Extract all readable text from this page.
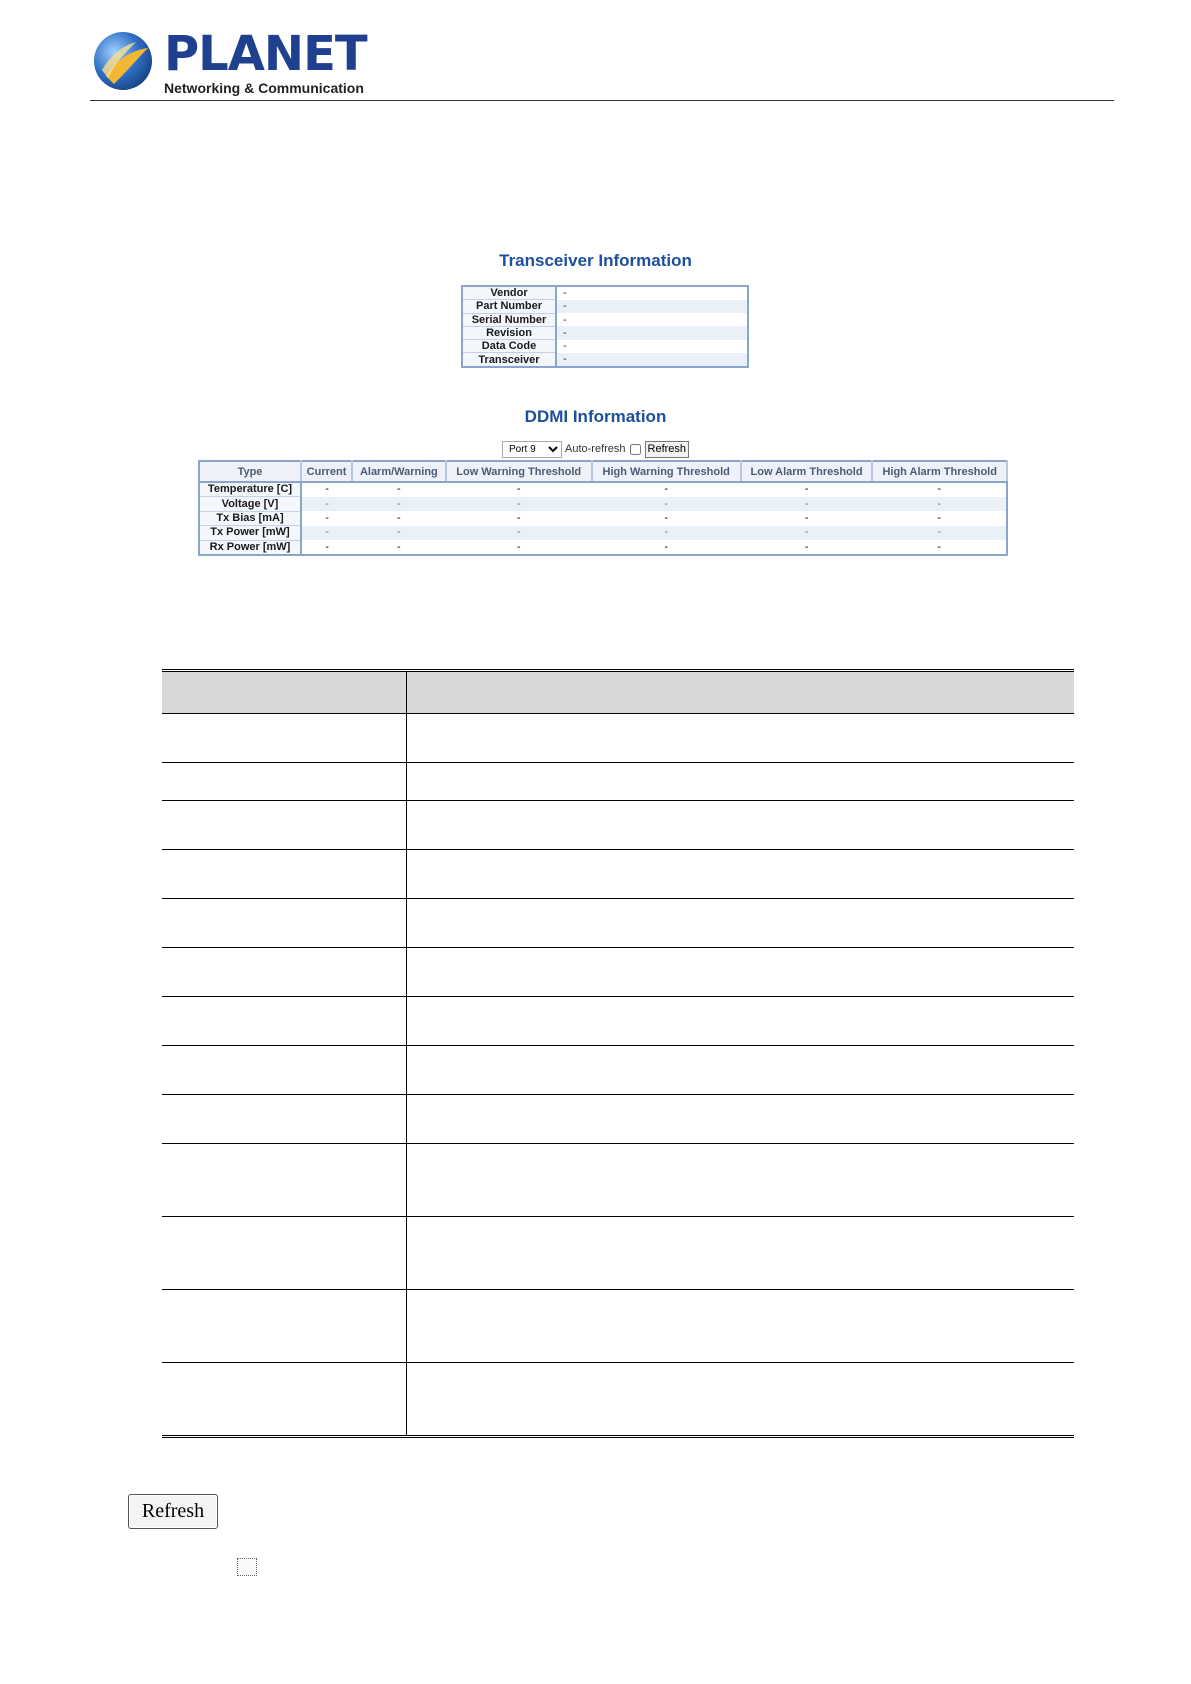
PLANET
Networking & Communication
Transceiver Information
Vendor	-
Part Number	-
Serial Number	-
Revision	-
Data Code	-
Transceiver	-
DDMI Information
Port 9
Auto-refresh Refresh
Type	Current	Alarm/Warning	Low Warning Threshold	High Warning Threshold	Low Alarm Threshold	High Alarm Threshold
Temperature [C]	-	-	-	-	-	-
Voltage [V]	-	-	-	-	-	-
Tx Bias [mA]	-	-	-	-	-	-
Tx Power [mW]	-	-	-	-	-	-
Rx Power [mW]	-	-	-	-	-	-

Refresh
